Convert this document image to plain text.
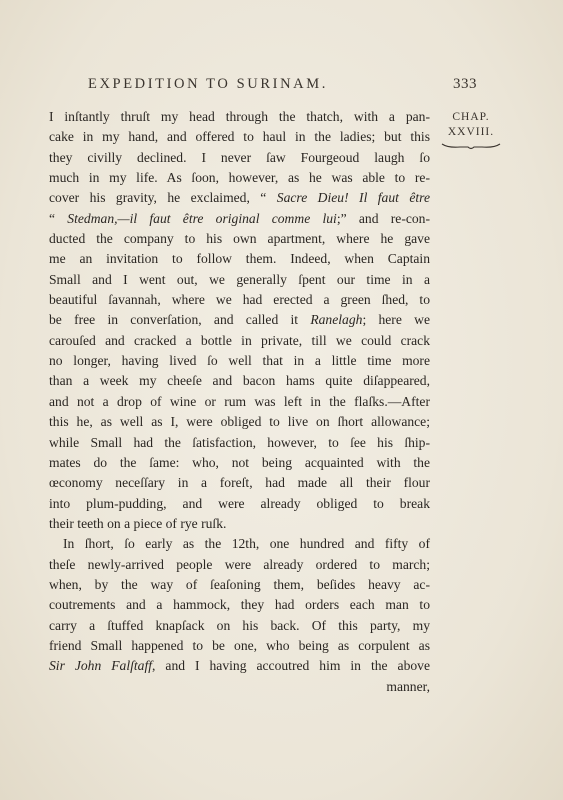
EXPEDITION TO SURINAM.	333
CHAP.
XXVIII.
I inſtantly thruſt my head through the thatch, with a pan-
cake in my hand, and offered to haul in the ladies; but this
they civilly declined. I never ſaw Fourgeoud laugh ſo
much in my life. As ſoon, however, as he was able to re-
cover his gravity, he exclaimed, “ Sacre Dieu! Il faut être
“ Stedman,—il faut être original comme lui;” and re-con-
ducted the company to his own apartment, where he gave
me an invitation to follow them. Indeed, when Captain
Small and I went out, we generally ſpent our time in a
beautiful ſavannah, where we had erected a green ſhed, to
be free in converſation, and called it Ranelagh; here we
carouſed and cracked a bottle in private, till we could crack
no longer, having lived ſo well that in a little time more
than a week my cheeſe and bacon hams quite diſappeared,
and not a drop of wine or rum was left in the flaſks.—After
this he, as well as I, were obliged to live on ſhort allowance;
while Small had the ſatisfaction, however, to ſee his ſhip-
mates do the ſame: who, not being acquainted with the
œconomy neceſſary in a foreſt, had made all their flour
into plum-pudding, and were already obliged to break
their teeth on a piece of rye ruſk.
In ſhort, ſo early as the 12th, one hundred and fifty of
theſe newly-arrived people were already ordered to march;
when, by the way of ſeaſoning them, beſides heavy ac-
coutrements and a hammock, they had orders each man to
carry a ſtuffed knapſack on his back. Of this party, my
friend Small happened to be one, who being as corpulent as
Sir John Falſtaff, and I having accoutred him in the above
manner,
